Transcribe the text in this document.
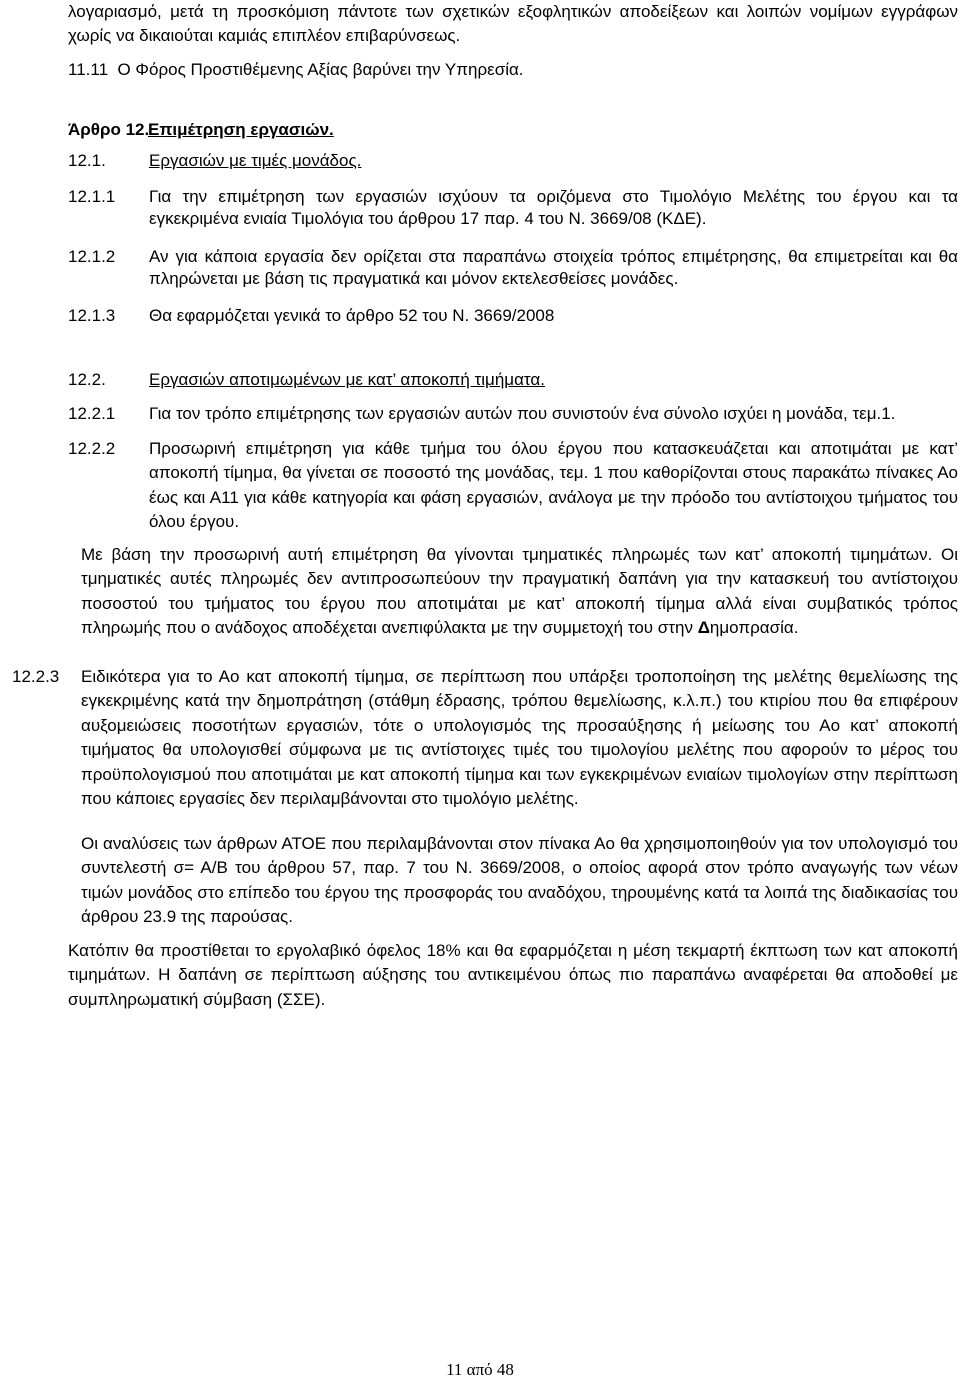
λογαριασμό, μετά τη προσκόμιση πάντοτε των σχετικών εξοφλητικών αποδείξεων και λοιπών νομίμων εγγράφων χωρίς να δικαιούται καμιάς επιπλέον επιβαρύνσεως.

11.11 Ο Φόρος Προστιθέμενης Αξίας βαρύνει την Υπηρεσία.
Άρθρο 12.
Επιμέτρηση εργασιών.
12.1.	Εργασιών με τιμές μονάδος.
12.1.1 Για την επιμέτρηση των εργασιών ισχύουν τα οριζόμενα στο Τιμολόγιο Μελέτης του έργου και τα εγκεκριμένα ενιαία Τιμολόγια του άρθρου 17 παρ. 4 του Ν. 3669/08 (ΚΔΕ).
12.1.2 Αν για κάποια εργασία δεν ορίζεται στα παραπάνω στοιχεία τρόπος επιμέτρησης, θα επιμετρείται και θα πληρώνεται με βάση τις πραγματικά και μόνον εκτελεσθείσες μονάδες.
12.1.3 Θα εφαρμόζεται γενικά το άρθρο 52 του Ν. 3669/2008
12.2.	Εργασιών αποτιμωμένων με κατ’ αποκοπή τιμήματα.
12.2.1 Για τον τρόπο επιμέτρησης των εργασιών αυτών που συνιστούν ένα σύνολο ισχύει η μονάδα, τεμ.1.
12.2.2 Προσωρινή επιμέτρηση για κάθε τμήμα του όλου έργου που κατασκευάζεται και αποτιμάται με κατ’ αποκοπή τίμημα, θα γίνεται σε ποσοστό της μονάδας, τεμ. 1 που καθορίζονται στους παρακάτω πίνακες Αο έως και Α11 για κάθε κατηγορία και φάση εργασιών, ανάλογα με την πρόοδο του αντίστοιχου τμήματος του όλου έργου.
Με βάση την προσωρινή αυτή επιμέτρηση θα γίνονται τμηματικές πληρωμές των κατ’ αποκοπή τιμημάτων. Οι τμηματικές αυτές πληρωμές δεν αντιπροσωπεύουν την πραγματική δαπάνη για την κατασκευή του αντίστοιχου ποσοστού του τμήματος του έργου που αποτιμάται με κατ’ αποκοπή τίμημα αλλά είναι συμβατικός τρόπος πληρωμής που ο ανάδοχος αποδέχεται ανεπιφύλακτα με την συμμετοχή του στην Δημοπρασία.
12.2.3 Ειδικότερα για το Αο κατ αποκοπή τίμημα, σε περίπτωση που υπάρξει τροποποίηση της μελέτης θεμελίωσης της εγκεκριμένης κατά την δημοπράτηση (στάθμη έδρασης, τρόπου θεμελίωσης, κ.λ.π.) του κτιρίου που θα επιφέρουν αυξομειώσεις ποσοτήτων εργασιών, τότε ο υπολογισμός της προσαύξησης ή μείωσης του Αο κατ’ αποκοπή τιμήματος θα υπολογισθεί σύμφωνα με τις αντίστοιχες τιμές του τιμολογίου μελέτης που αφορούν το μέρος του προϋπολογισμού που αποτιμάται με κατ αποκοπή τίμημα και των εγκεκριμένων ενιαίων τιμολογίων στην περίπτωση που κάποιες εργασίες δεν περιλαμβάνονται στο τιμολόγιο μελέτης.
Οι αναλύσεις των άρθρων ΑΤΟΕ που περιλαμβάνονται στον πίνακα Αο θα χρησιμοποιηθούν για τον υπολογισμό του συντελεστή σ= Α/Β του άρθρου 57, παρ. 7 του Ν. 3669/2008, ο οποίος αφορά στον τρόπο αναγωγής των νέων τιμών μονάδος στο επίπεδο του έργου της προσφοράς του αναδόχου, τηρουμένης κατά τα λοιπά της διαδικασίας του άρθρου 23.9 της παρούσας.
Κατόπιν θα προστίθεται το εργολαβικό όφελος 18% και θα εφαρμόζεται η μέση τεκμαρτή έκπτωση των κατ αποκοπή τιμημάτων. Η δαπάνη σε περίπτωση αύξησης του αντικειμένου όπως πιο παραπάνω αναφέρεται θα αποδοθεί με συμπληρωματική σύμβαση (ΣΣΕ).
11 από 48
